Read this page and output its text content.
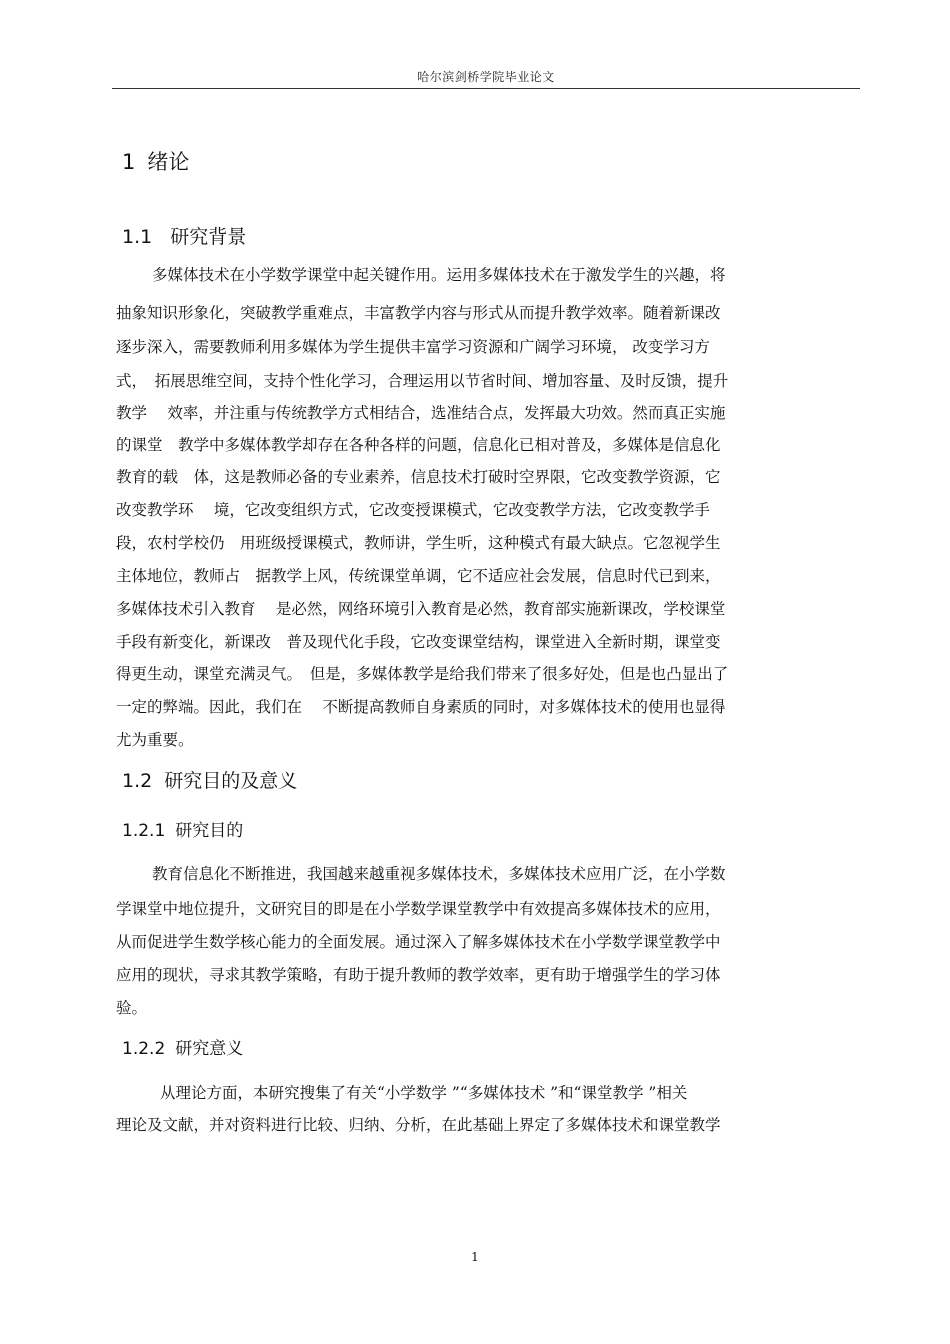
哈尔滨剑桥学院毕业论文
1 绪论
1.1 研究背景
多媒体技术在小学数学课堂中起关键作用。运用多媒体技术在于激发学生的兴趣，将
抽象知识形象化，突破教学重难点，丰富教学内容与形式从而提升教学效率。随着新课改
逐步深入，需要教师利用多媒体为学生提供丰富学习资源和广阔学习环境， 改变学习方
式，　拓展思维空间，支持个性化学习，合理运用以节省时间、增加容量、及时反馈，提升
教学　 效率，并注重与传统教学方式相结合，选准结合点，发挥最大功效。然而真正实施
的课堂　教学中多媒体教学却存在各种各样的问题，信息化已相对普及，多媒体是信息化
教育的载　体，这是教师必备的专业素养，信息技术打破时空界限，它改变教学资源，它
改变教学环　 境，它改变组织方式，它改变授课模式，它改变教学方法，它改变教学手
段，农村学校仍　用班级授课模式，教师讲，学生听，这种模式有最大缺点。它忽视学生
主体地位，教师占　据教学上风，传统课堂单调，它不适应社会发展，信息时代已到来，
多媒体技术引入教育　 是必然，网络环境引入教育是必然，教育部实施新课改，学校课堂
手段有新变化，新课改　普及现代化手段，它改变课堂结构，课堂进入全新时期，课堂变
得更生动，课堂充满灵气。　但是，多媒体教学是给我们带来了很多好处，但是也凸显出了
一定的弊端。因此，我们在　 不断提高教师自身素质的同时，对多媒体技术的使用也显得
尤为重要。
1.2 研究目的及意义
1.2.1 研究目的
教育信息化不断推进，我国越来越重视多媒体技术，多媒体技术应用广泛，在小学数
学课堂中地位提升，文研究目的即是在小学数学课堂教学中有效提高多媒体技术的应用，
从而促进学生数学核心能力的全面发展。通过深入了解多媒体技术在小学数学课堂教学中
应用的现状，寻求其教学策略，有助于提升教师的教学效率，更有助于增强学生的学习体
验。
1.2.2 研究意义
从理论方面，本研究搜集了有关“小学数学 ”“多媒体技术 ”和“课堂教学 ”相关
理论及文献，并对资料进行比较、归纳、分析，在此基础上界定了多媒体技术和课堂教学
1
